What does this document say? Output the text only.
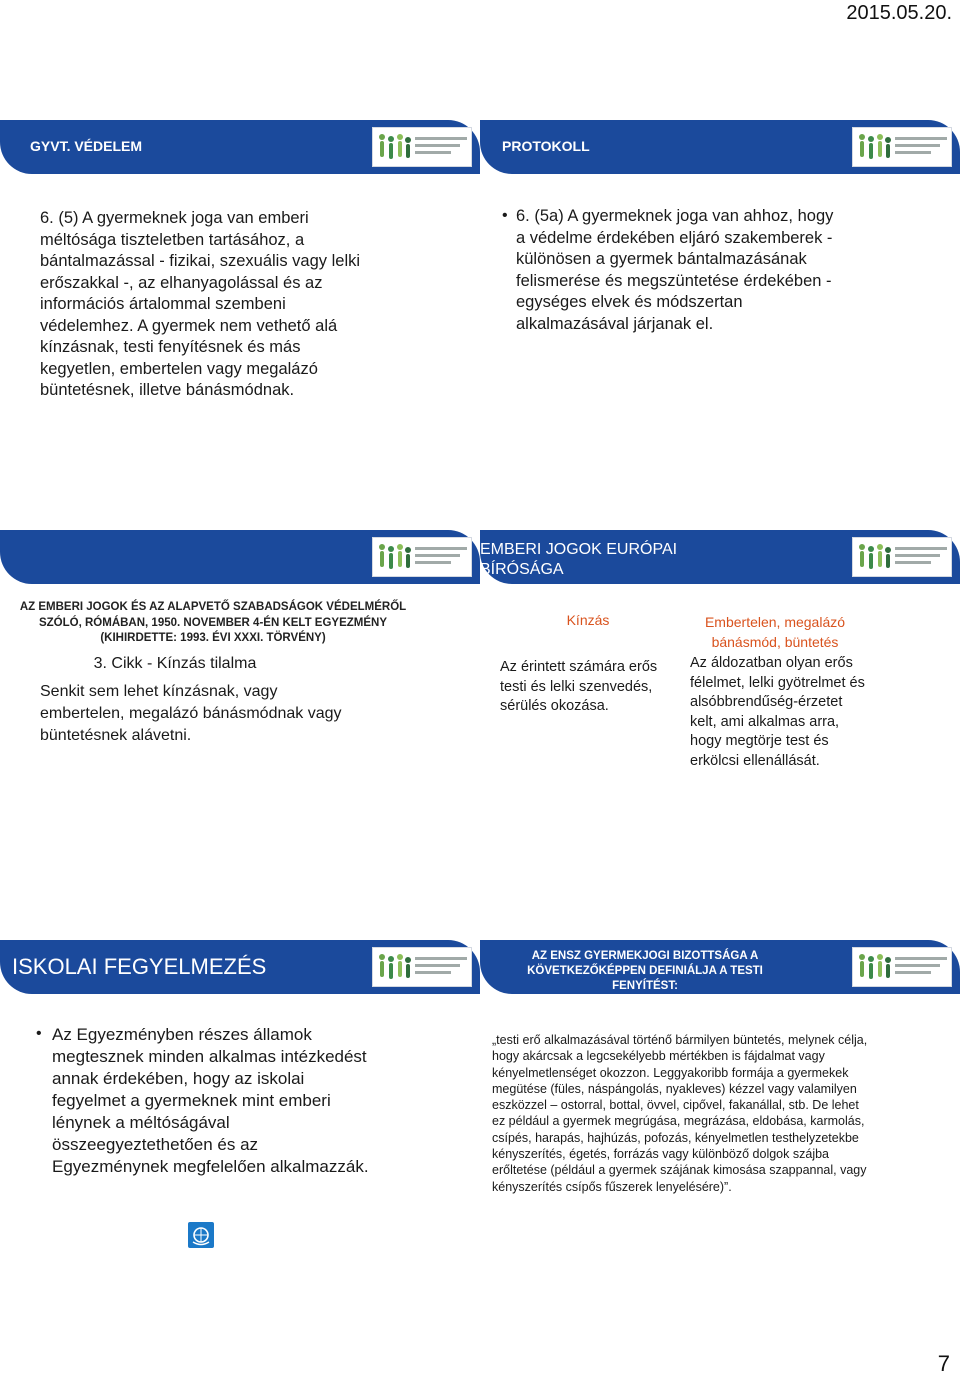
2015.05.20.
GYVT. VÉDELEM
6. (5) A gyermeknek joga van emberi méltósága tiszteletben tartásához, a bántalmazással - fizikai, szexuális vagy lelki erőszakkal -, az elhanyagolással és az információs ártalommal szembeni védelemhez. A gyermek nem vethető alá kínzásnak, testi fenyítésnek és más kegyetlen, embertelen vagy megalázó büntetésnek, illetve bánásmódnak.
PROTOKOLL
• 6. (5a) A gyermeknek joga van ahhoz, hogy a védelme érdekében eljáró szakemberek - különösen a gyermek bántalmazásának felismerése és megszüntetése érdekében - egységes elvek és módszertan alkalmazásával járjanak el.
AZ EMBERI JOGOK ÉS AZ ALAPVETŐ SZABADSÁGOK VÉDELMÉRŐL SZÓLÓ, RÓMÁBAN, 1950. NOVEMBER 4-ÉN KELT EGYEZMÉNY (KIHIRDETTE: 1993. ÉVI XXXI. TÖRVÉNY)
3. Cikk - Kínzás tilalma
Senkit sem lehet kínzásnak, vagy embertelen, megalázó bánásmódnak vagy büntetésnek alávetni.
EMBERI JOGOK EURÓPAI BÍRÓSÁGA
Kínzás
Az érintett számára erős testi és lelki szenvedés, sérülés okozása.
Embertelen, megalázó bánásmód, büntetés
Az áldozatban olyan erős félelmet, lelki gyötrelmet és alsóbbrendűség-érzetet kelt, ami alkalmas arra, hogy megtörje test és erkölcsi ellenállását.
ISKOLAI FEGYELMEZÉS
• Az Egyezményben részes államok megtesznek minden alkalmas intézkedést annak érdekében, hogy az iskolai fegyelmet a gyermeknek mint emberi lénynek a méltóságával összeegyeztethetően és az Egyezménynek megfelelően alkalmazzák.
AZ ENSZ GYERMEKJOGI BIZOTTSÁGA A KÖVETKEZŐKÉPPEN DEFINIÁLJA A TESTI FENYÍTÉST:
„testi erő alkalmazásával történő bármilyen büntetés, melynek célja, hogy akárcsak a legcsekélyebb mértékben is fájdalmat vagy kényelmetlenséget okozzon. Leggyakoribb formája a gyermekek megütése (füles, náspángolás, nyakleves) kézzel vagy valamilyen eszközzel – ostorral, bottal, övvel, cipővel, fakanállal, stb. De lehet ez például a gyermek megrúgása, megrázása, eldobása, karmolás, csípés, harapás, hajhúzás, pofozás, kényelmetlen testhelyzetekbe kényszerítés, égetés, forrázás vagy különböző dolgok szájba erőltetése (például a gyermek szájának kimosása szappannal, vagy kényszerítés csípős fűszerek lenyelésére)”.
7
